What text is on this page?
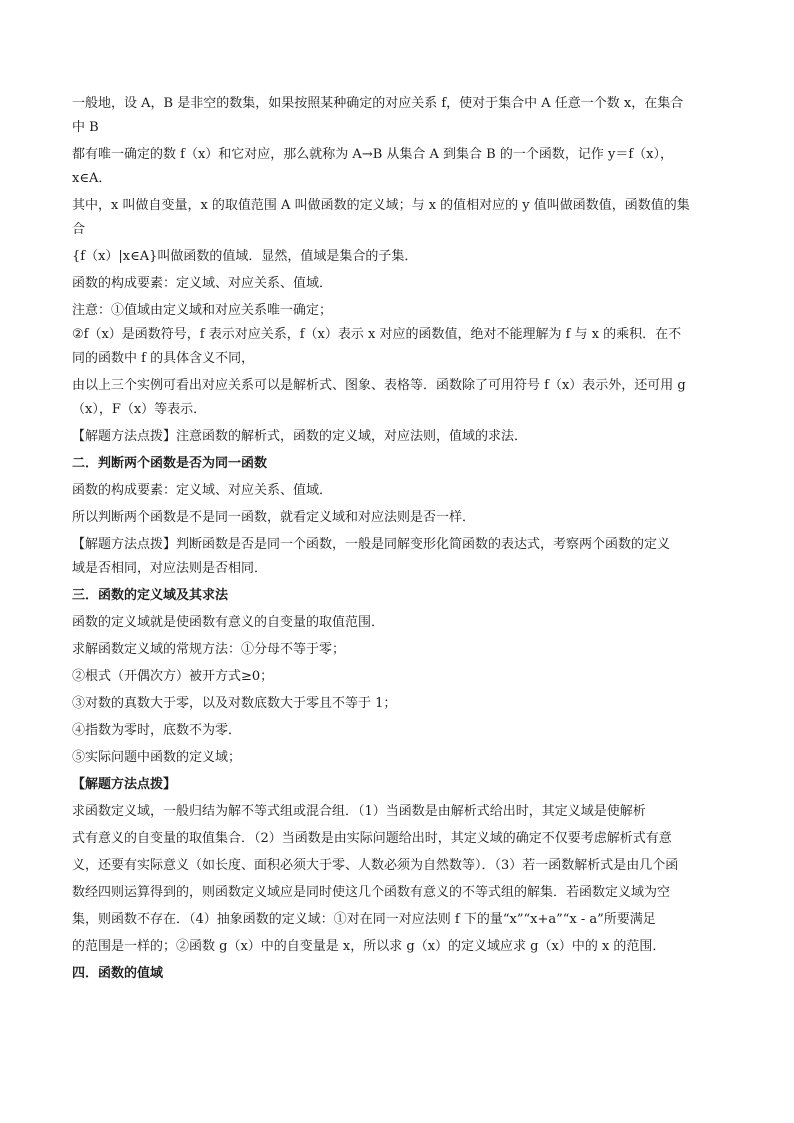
一般地，设 A，B 是非空的数集，如果按照某种确定的对应关系 f，使对于集合中 A 任意一个数 x，在集合
中 B
都有唯一确定的数 f（x）和它对应，那么就称为 A→B 从集合 A 到集合 B 的一个函数，记作 y＝f（x），
x∈A．
其中，x 叫做自变量，x 的取值范围 A 叫做函数的定义域；与 x 的值相对应的 y 值叫做函数值，函数值的集
合
{f（x）|x∈A}叫做函数的值域．显然，值域是集合的子集．
函数的构成要素：定义域、对应关系、值域．
注意：①值域由定义域和对应关系唯一确定；
②f（x）是函数符号，f 表示对应关系，f（x）表示 x 对应的函数值，绝对不能理解为 f 与 x 的乘积．在不
同的函数中 f 的具体含义不同，
由以上三个实例可看出对应关系可以是解析式、图象、表格等．函数除了可用符号 f（x）表示外，还可用 g
（x），F（x）等表示．
【解题方法点拨】注意函数的解析式，函数的定义域，对应法则，值域的求法．
二．判断两个函数是否为同一函数
函数的构成要素：定义域、对应关系、值域．
所以判断两个函数是不是同一函数，就看定义域和对应法则是否一样．
【解题方法点拨】判断函数是否是同一个函数，一般是同解变形化简函数的表达式，考察两个函数的定义
域是否相同，对应法则是否相同．
三．函数的定义域及其求法
函数的定义域就是使函数有意义的自变量的取值范围．
求解函数定义域的常规方法：①分母不等于零；
②根式（开偶次方）被开方式≥0；
③对数的真数大于零，以及对数底数大于零且不等于 1；
④指数为零时，底数不为零．
⑤实际问题中函数的定义域；
【解题方法点拨】
求函数定义域，一般归结为解不等式组或混合组．（1）当函数是由解析式给出时，其定义域是使解析
式有意义的自变量的取值集合．（2）当函数是由实际问题给出时，其定义域的确定不仅要考虑解析式有意
义，还要有实际意义（如长度、面积必须大于零、人数必须为自然数等）．（3）若一函数解析式是由几个函
数经四则运算得到的，则函数定义域应是同时使这几个函数有意义的不等式组的解集．若函数定义域为空
集，则函数不存在．（4）抽象函数的定义域：①对在同一对应法则 f 下的量“x”“x+a”“x - a”所要满足
的范围是一样的；②函数 g（x）中的自变量是 x，所以求 g（x）的定义域应求 g（x）中的 x 的范围．
四．函数的值域
